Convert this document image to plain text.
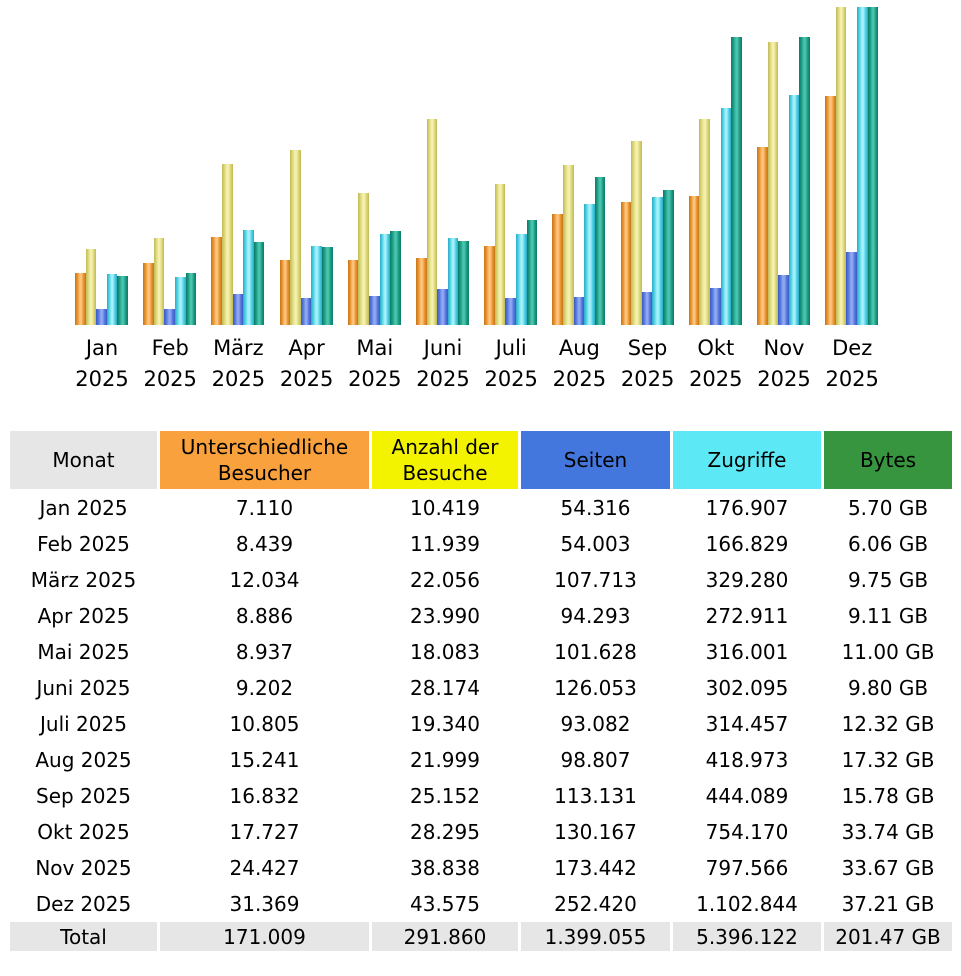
Jan
2025
Feb
2025
März
2025
Apr
2025
Mai
2025
Juni
2025
Juli
2025
Aug
2025
Sep
2025
Okt
2025
Nov
2025
Dez
2025
Monat	Unterschiedliche Besucher	Anzahl der Besuche	Seiten	Zugriffe	Bytes
Jan 2025	7.110	10.419	54.316	176.907	5.70 GB
Feb 2025	8.439	11.939	54.003	166.829	6.06 GB
März 2025	12.034	22.056	107.713	329.280	9.75 GB
Apr 2025	8.886	23.990	94.293	272.911	9.11 GB
Mai 2025	8.937	18.083	101.628	316.001	11.00 GB
Juni 2025	9.202	28.174	126.053	302.095	9.80 GB
Juli 2025	10.805	19.340	93.082	314.457	12.32 GB
Aug 2025	15.241	21.999	98.807	418.973	17.32 GB
Sep 2025	16.832	25.152	113.131	444.089	15.78 GB
Okt 2025	17.727	28.295	130.167	754.170	33.74 GB
Nov 2025	24.427	38.838	173.442	797.566	33.67 GB
Dez 2025	31.369	43.575	252.420	1.102.844	37.21 GB
Total	171.009	291.860	1.399.055	5.396.122	201.47 GB
